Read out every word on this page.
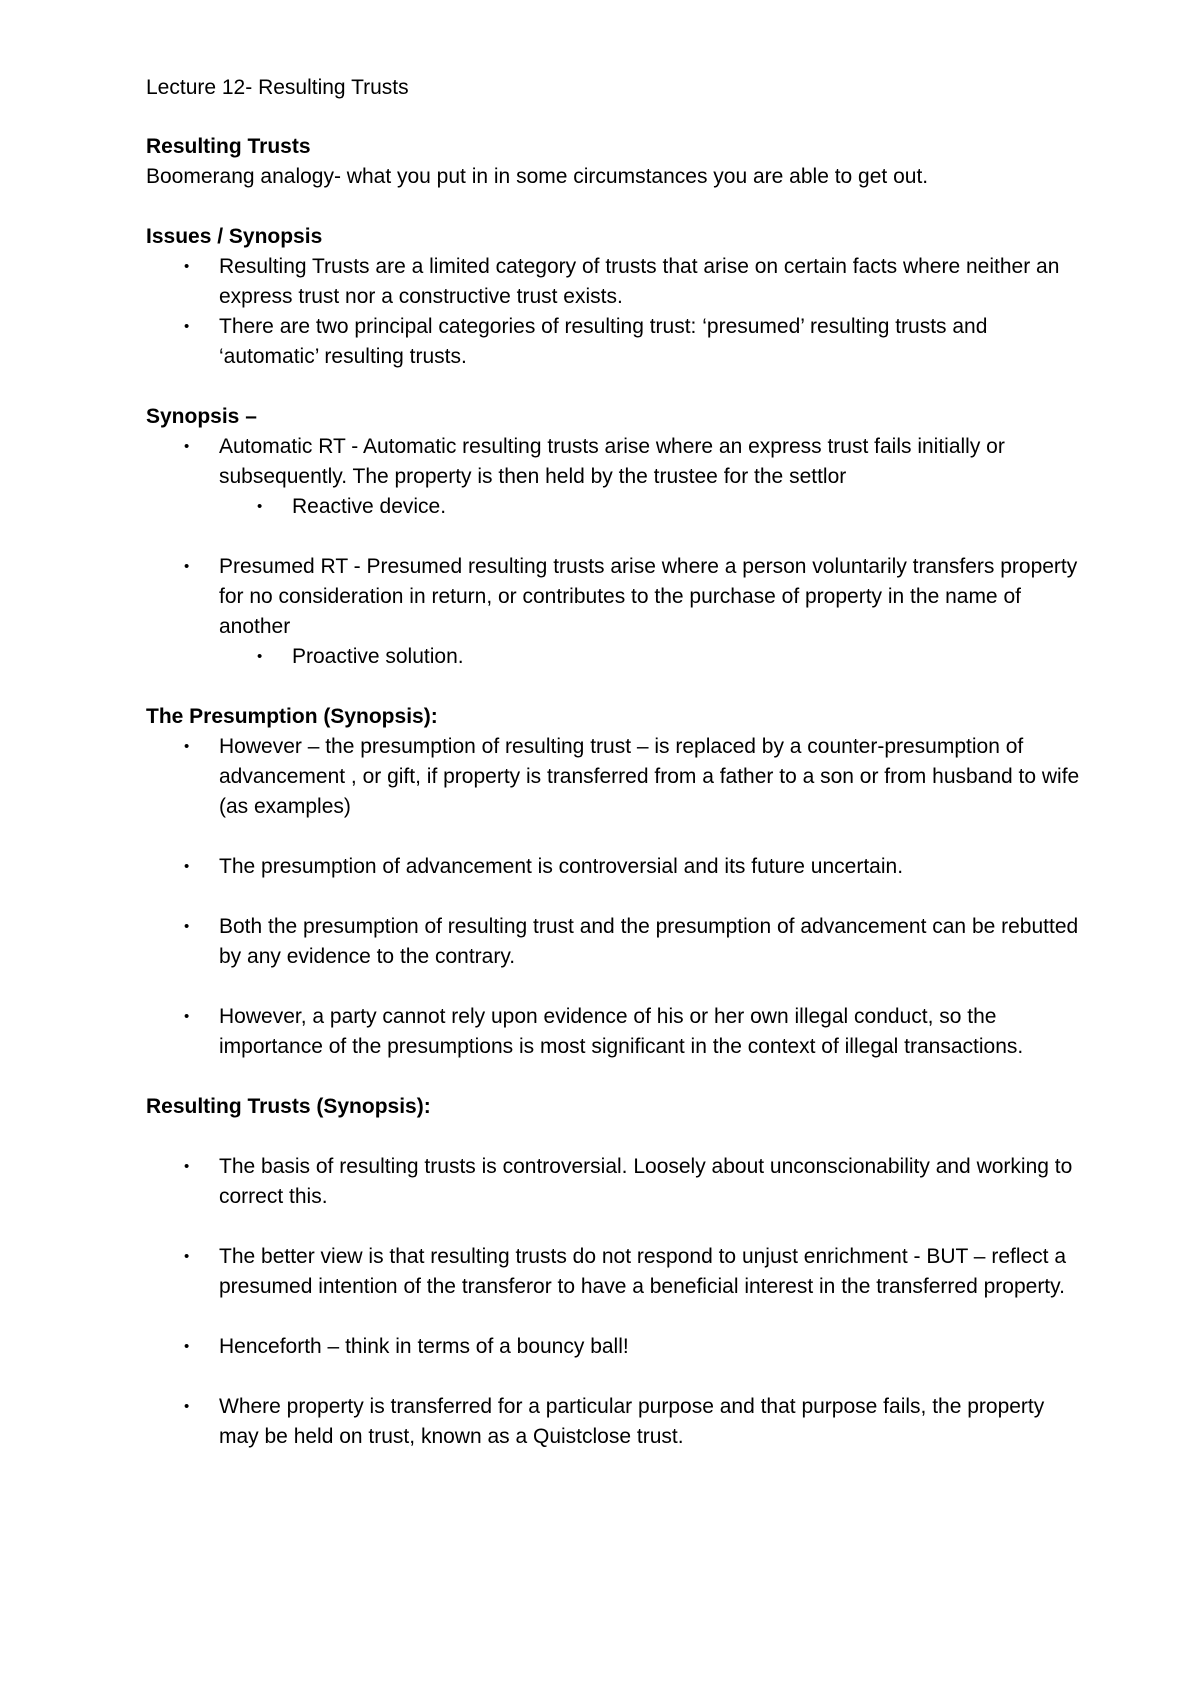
Lecture 12- Resulting Trusts
Resulting Trusts
Boomerang analogy- what you put in in some circumstances you are able to get out.
Issues / Synopsis
• Resulting Trusts are a limited category of trusts that arise on certain facts where neither an express trust nor a constructive trust exists.
• There are two principal categories of resulting trust: ‘presumed’ resulting trusts and ‘automatic’ resulting trusts.
Synopsis –
• Automatic RT - Automatic resulting trusts arise where an express trust fails initially or subsequently. The property is then held by the trustee for the settlor
• Reactive device.
• Presumed RT - Presumed resulting trusts arise where a person voluntarily transfers property for no consideration in return, or contributes to the purchase of property in the name of another
• Proactive solution.
The Presumption (Synopsis):
• However – the presumption of resulting trust – is replaced by a counter-presumption of advancement , or gift, if property is transferred from a father to a son or from husband to wife (as examples)
• The presumption of advancement is controversial and its future uncertain.
• Both the presumption of resulting trust and the presumption of advancement can be rebutted by any evidence to the contrary.
• However, a party cannot rely upon evidence of his or her own illegal conduct, so the importance of the presumptions is most significant in the context of illegal transactions.
Resulting Trusts (Synopsis):
• The basis of resulting trusts is controversial. Loosely about unconscionability and working to correct this.
• The better view is that resulting trusts do not respond to unjust enrichment - BUT – reflect a presumed intention of the transferor to have a beneficial interest in the transferred property.
• Henceforth – think in terms of a bouncy ball!
• Where property is transferred for a particular purpose and that purpose fails, the property may be held on trust, known as a Quistclose trust.
